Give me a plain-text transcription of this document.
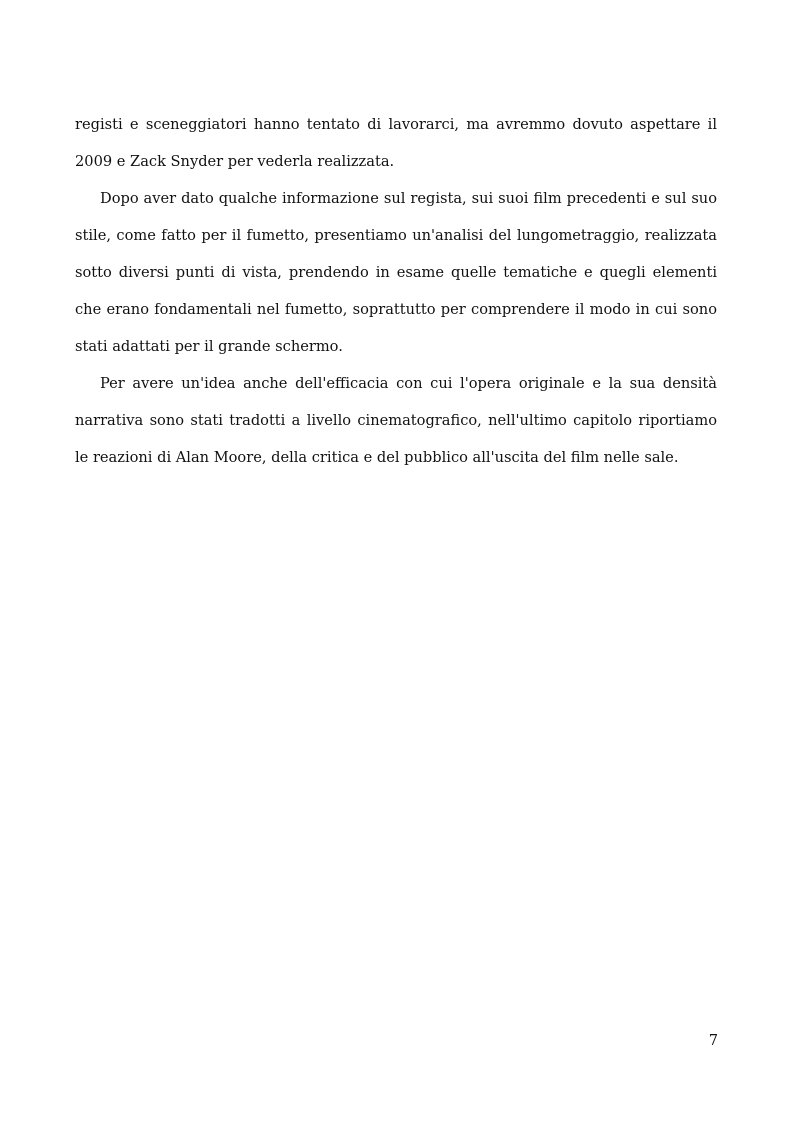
registi e sceneggiatori hanno tentato di lavorarci, ma avremmo dovuto aspettare il 2009 e Zack Snyder per vederla realizzata.

Dopo aver dato qualche informazione sul regista, sui suoi film precedenti e sul suo stile, come fatto per il fumetto, presentiamo un'analisi del lungometraggio, realizzata sotto diversi punti di vista, prendendo in esame quelle tematiche e quegli elementi che erano fondamentali nel fumetto, soprattutto per comprendere il modo in cui sono stati adattati per il grande schermo.

Per avere un'idea anche dell'efficacia con cui l'opera originale e la sua densità narrativa sono stati tradotti a livello cinematografico, nell'ultimo capitolo riportiamo le reazioni di Alan Moore, della critica e del pubblico all'uscita del film nelle sale.

7
